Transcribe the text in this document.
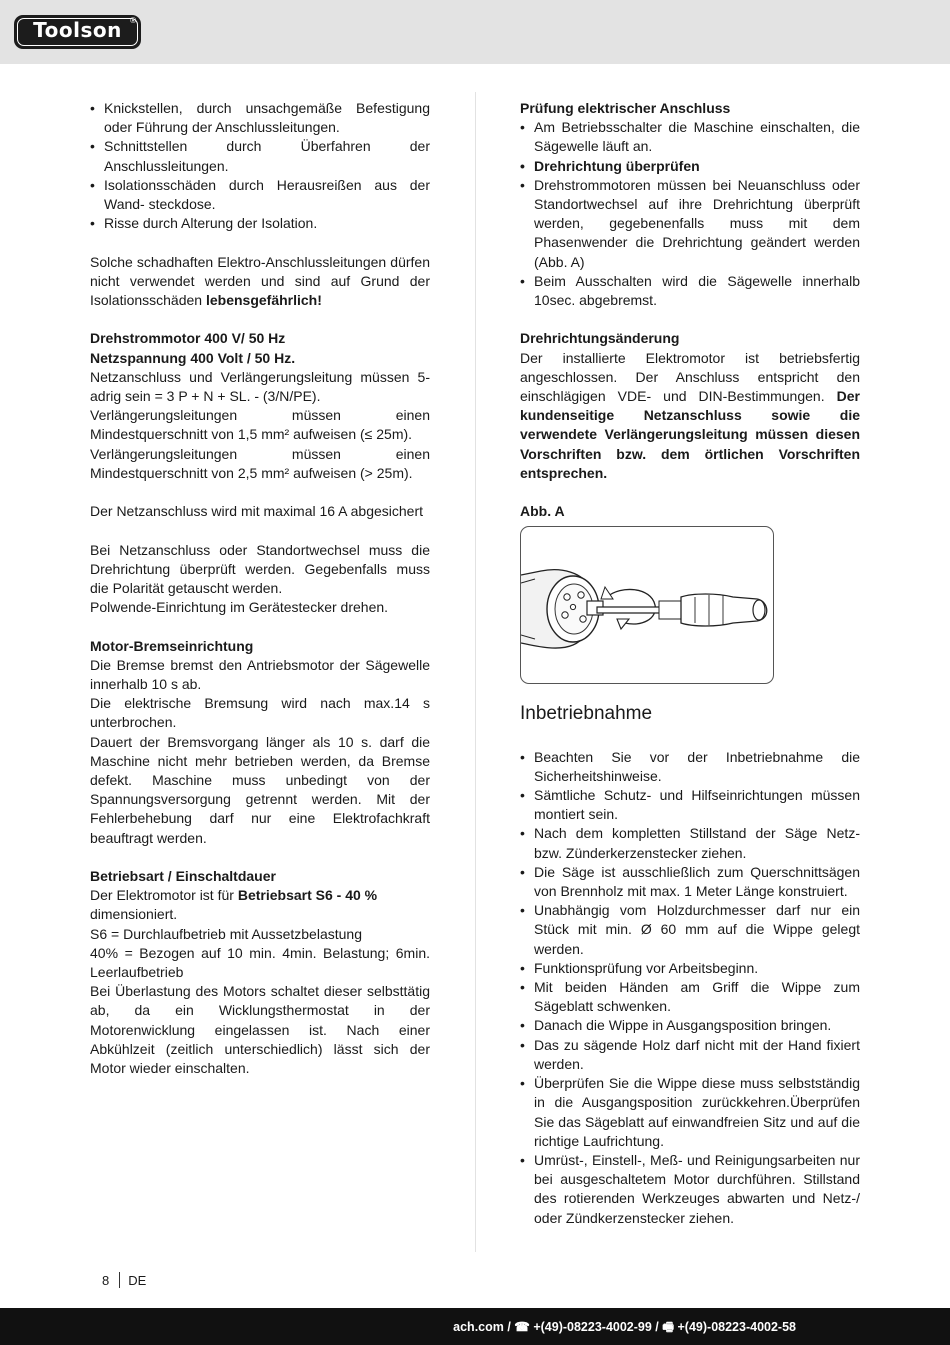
Toolson	®
• Knickstellen, durch unsachgemäße Befestigung oder Führung der Anschlussleitungen.
• Schnittstellen durch Überfahren der Anschlussleitungen.
• Isolationsschäden durch Herausreißen aus der Wand- steckdose.
• Risse durch Alterung der Isolation.
Solche schadhaften Elektro-Anschlussleitungen dürfen nicht verwendet werden und sind auf Grund der Isolationsschäden lebensgefährlich!
Drehstrommotor 400 V/ 50 Hz
Netzspannung 400 Volt / 50 Hz.
Netzanschluss und Verlängerungsleitung müssen 5-adrig sein = 3 P + N + SL. - (3/N/PE).
Verlängerungsleitungen müssen einen Mindestquerschnitt von 1,5 mm² aufweisen (≤ 25m).
Verlängerungsleitungen müssen einen Mindestquerschnitt von 2,5 mm² aufweisen (> 25m).
Der Netzanschluss wird mit maximal 16 A abgesichert
Bei Netzanschluss oder Standortwechsel muss die Drehrichtung überprüft werden. Gegebenfalls muss die Polarität getauscht werden.
Polwende-Einrichtung im Gerätestecker drehen.
Motor-Bremseinrichtung
Die Bremse bremst den Antriebsmotor der Sägewelle innerhalb 10 s ab.
Die elektrische Bremsung wird nach max.14 s unterbrochen.
Dauert der Bremsvorgang länger als 10 s. darf die Maschine nicht mehr betrieben werden, da Bremse defekt. Maschine muss unbedingt von der Spannungsversorgung getrennt werden. Mit der Fehlerbehebung darf nur eine Elektrofachkraft beauftragt werden.
Betriebsart / Einschaltdauer
Der Elektromotor ist für Betriebsart S6 - 40 %
dimensioniert.
S6 = Durchlaufbetrieb mit Aussetzbelastung
40% = Bezogen auf 10 min. 4min. Belastung; 6min. Leerlaufbetrieb
Bei Überlastung des Motors schaltet dieser selbsttätig ab, da ein Wicklungsthermostat in der Motorenwicklung eingelassen ist. Nach einer Abkühlzeit (zeitlich unterschiedlich) lässt sich der Motor wieder einschalten.
Prüfung elektrischer Anschluss
• Am Betriebsschalter die Maschine einschalten, die Sägewelle läuft an.
• Drehrichtung überprüfen
• Drehstrommotoren müssen bei Neuanschluss oder Standortwechsel auf ihre Drehrichtung überprüft werden, gegebenenfalls muss mit dem Phasenwender die Drehrichtung geändert werden (Abb. A)
• Beim Ausschalten wird die Sägewelle innerhalb 10sec. abgebremst.
Drehrichtungsänderung
Der installierte Elektromotor ist betriebsfertig angeschlossen. Der Anschluss entspricht den einschlägigen VDE- und DIN-Bestimmungen. Der kundenseitige Netzanschluss sowie die verwendete Verlängerungsleitung müssen diesen Vorschriften bzw. dem örtlichen Vorschriften entsprechen.
Abb. A
Inbetriebnahme
• Beachten Sie vor der Inbetriebnahme die Sicherheitshinweise.
• Sämtliche Schutz- und Hilfseinrichtungen müssen montiert sein.
• Nach dem kompletten Stillstand der Säge Netz- bzw. Zünderkerzenstecker ziehen.
• Die Säge ist ausschließlich zum Querschnittsägen von Brennholz mit max. 1 Meter Länge konstruiert.
• Unabhängig vom Holzdurchmesser darf nur ein Stück mit min. Ø 60 mm auf die Wippe gelegt werden.
• Funktionsprüfung vor Arbeitsbeginn.
• Mit beiden Händen am Griff die Wippe zum Sägeblatt schwenken.
• Danach die Wippe in Ausgangsposition bringen.
• Das zu sägende Holz darf nicht mit der Hand fixiert werden.
• Überprüfen Sie die Wippe diese muss selbstständig in die Ausgangsposition zurückkehren.Überprüfen Sie das Sägeblatt auf einwandfreien Sitz und auf die richtige Laufrichtung.
• Umrüst-, Einstell-, Meß- und Reinigungsarbeiten nur bei ausgeschaltetem Motor durchführen. Stillstand des rotierenden Werkzeuges abwarten und Netz-/ oder Zündkerzenstecker ziehen.
8 DE
ach.com / ☎ +(49)-08223-4002-99 / 🖷 +(49)-08223-4002-58
